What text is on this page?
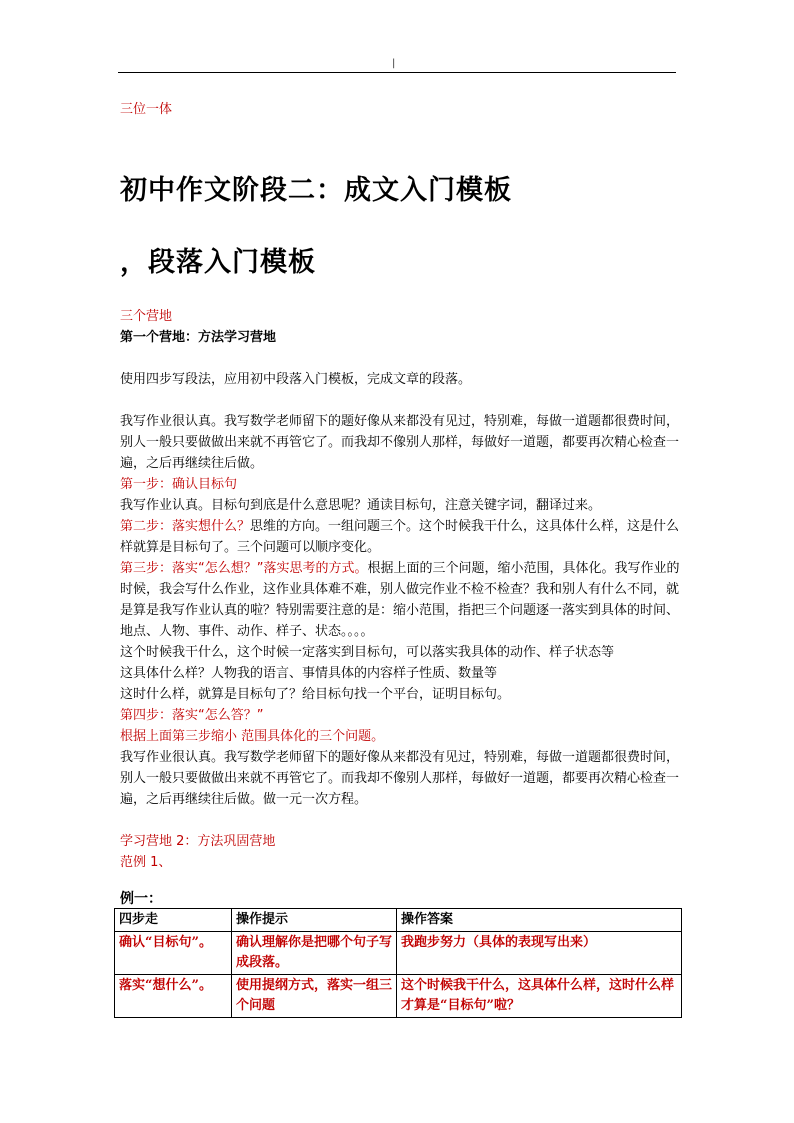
|
三位一体
初中作文阶段二：成文入门模板
，段落入门模板

三个营地

第一个营地：方法学习营地

使用四步写段法，应用初中段落入门模板，完成文章的段落。

我写作业很认真。我写数学老师留下的题好像从来都没有见过，特别难，每做一道题都很费时间，别人一般只要做做出来就不再管它了。而我却不像别人那样，每做好一道题，都要再次精心检查一遍，之后再继续往后做。

第一步：确认目标句

我写作业认真。目标句到底是什么意思呢？通读目标句，注意关键字词，翻译过来。

第二步：落实想什么？思维的方向。一组问题三个。这个时候我干什么，这具体什么样，这是什么样就算是目标句了。三个问题可以顺序变化。

第三步：落实“怎么想？”落实思考的方式。根据上面的三个问题，缩小范围，具体化。我写作业的时候，我会写什么作业，这作业具体难不难，别人做完作业不检不检查？我和别人有什么不同，就是算是我写作业认真的啦？特别需要注意的是：缩小范围，指把三个问题逐一落实到具体的时间、地点、人物、事件、动作、样子、状态。。。。

这个时候我干什么，这个时候一定落实到目标句，可以落实我具体的动作、样子状态等

这具体什么样？人物我的语言、事情具体的内容样子性质、数量等

这时什么样，就算是目标句了？给目标句找一个平台，证明目标句。

第四步：落实“怎么答？”

根据上面第三步缩小 范围具体化的三个问题。

我写作业很认真。我写数学老师留下的题好像从来都没有见过，特别难，每做一道题都很费时间，别人一般只要做做出来就不再管它了。而我却不像别人那样，每做好一道题，都要再次精心检查一遍，之后再继续往后做。做一元一次方程。

学习营地 2：方法巩固营地

范例 1、

例一：
四步走	操作提示	操作答案
确认“目标句”。	确认理解你是把哪个句子写成段落。	我跑步努力（具体的表现写出来）
落实“想什么”。	使用提纲方式，落实一组三个问题	这个时候我干什么，这具体什么样，这时什么样才算是“目标句”啦？
